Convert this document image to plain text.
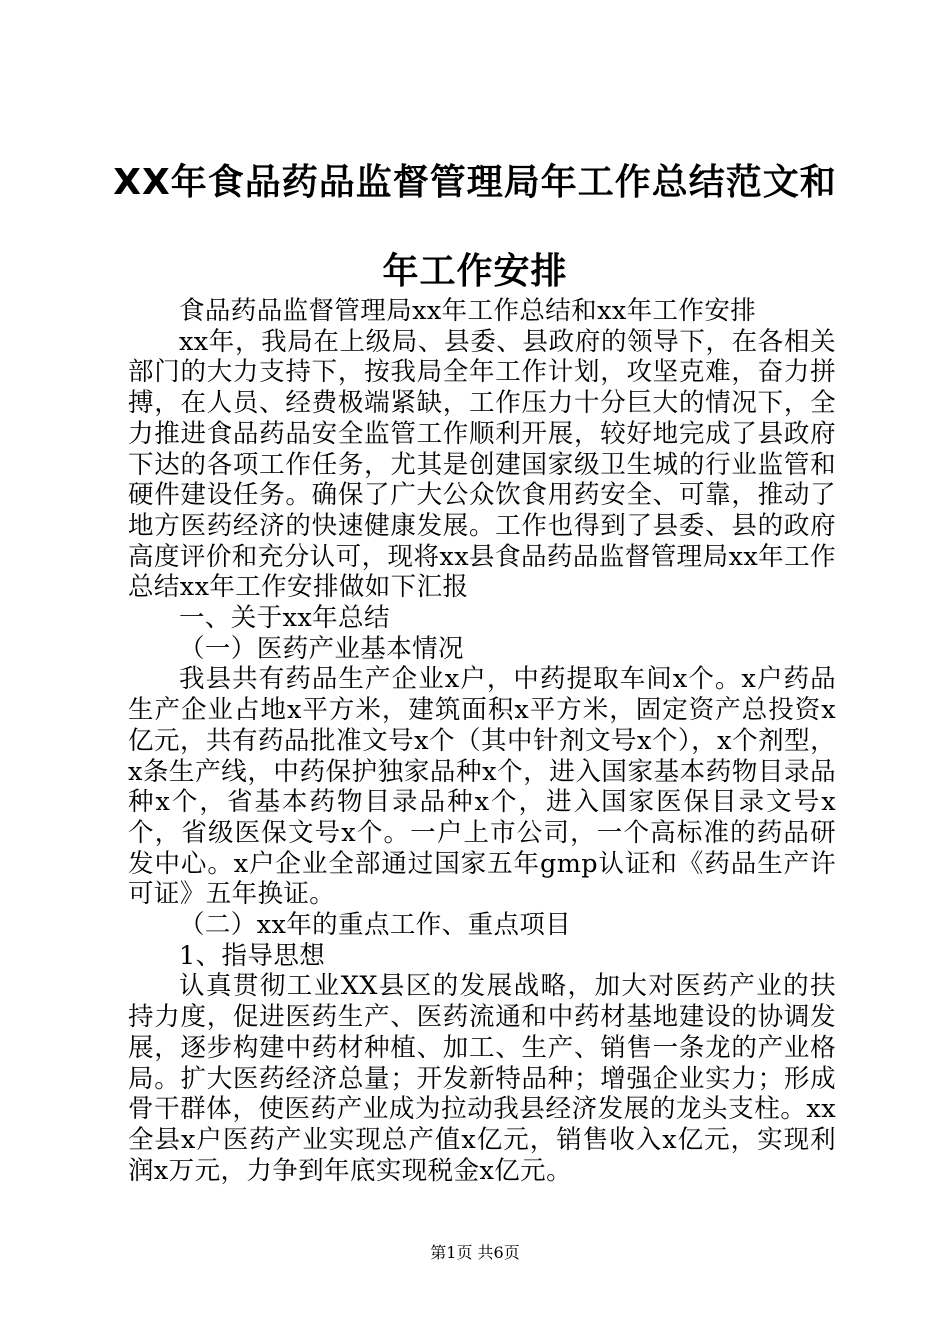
XX年食品药品监督管理局年工作总结范文和
年工作安排

食品药品监督管理局xx年工作总结和xx年工作安排

xx年，我局在上级局、县委、县政府的领导下，在各相关部门的大力支持下，按我局全年工作计划，攻坚克难，奋力拼搏，在人员、经费极端紧缺，工作压力十分巨大的情况下，全力推进食品药品安全监管工作顺利开展，较好地完成了县政府下达的各项工作任务，尤其是创建国家级卫生城的行业监管和硬件建设任务。确保了广大公众饮食用药安全、可靠，推动了地方医药经济的快速健康发展。工作也得到了县委、县的政府高度评价和充分认可，现将xx县食品药品监督管理局xx年工作总结xx年工作安排做如下汇报

一、关于xx年总结

（一）医药产业基本情况

我县共有药品生产企业x户，中药提取车间x个。x户药品生产企业占地x平方米，建筑面积x平方米，固定资产总投资x亿元，共有药品批准文号x个（其中针剂文号x个），x个剂型，x条生产线，中药保护独家品种x个，进入国家基本药物目录品种x个，省基本药物目录品种x个，进入国家医保目录文号x个，省级医保文号x个。一户上市公司，一个高标准的药品研发中心。x户企业全部通过国家五年gmp认证和《药品生产许可证》五年换证。

（二）xx年的重点工作、重点项目

1、指导思想

认真贯彻工业XX县区的发展战略，加大对医药产业的扶持力度，促进医药生产、医药流通和中药材基地建设的协调发展，逐步构建中药材种植、加工、生产、销售一条龙的产业格局。扩大医药经济总量；开发新特品种；增强企业实力；形成骨干群体，使医药产业成为拉动我县经济发展的龙头支柱。xx全县x户医药产业实现总产值x亿元，销售收入x亿元，实现利润x万元，力争到年底实现税金x亿元。

第1页 共6页
